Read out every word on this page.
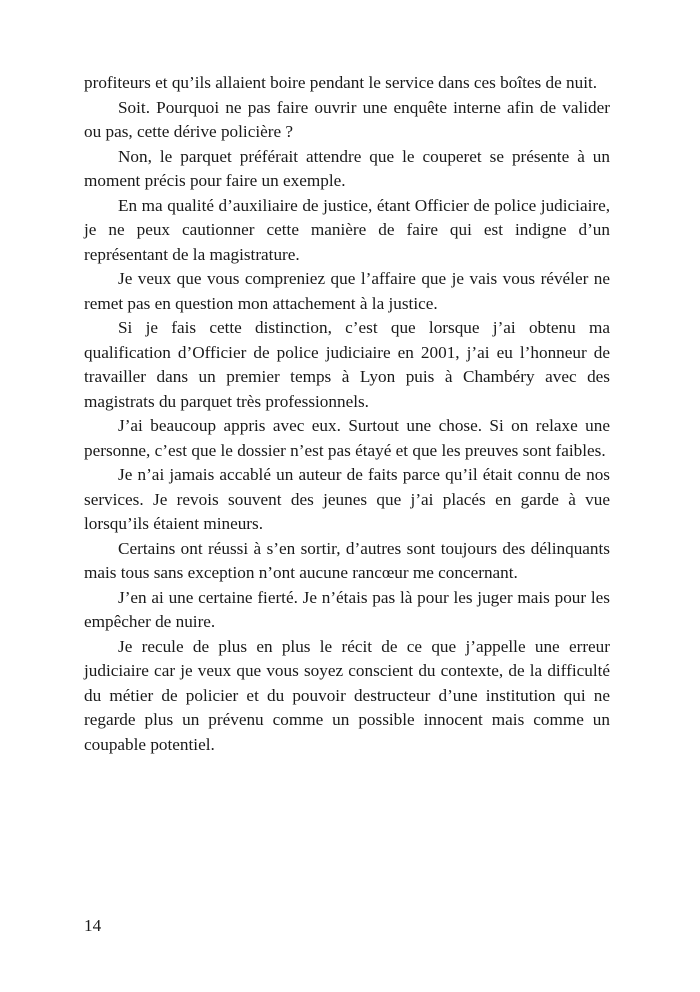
profiteurs et qu’ils allaient boire pendant le service dans ces boîtes de nuit.

Soit. Pourquoi ne pas faire ouvrir une enquête interne afin de valider ou pas, cette dérive policière ?

Non, le parquet préférait attendre que le couperet se présente à un moment précis pour faire un exemple.

En ma qualité d’auxiliaire de justice, étant Officier de police judiciaire, je ne peux cautionner cette manière de faire qui est indigne d’un représentant de la magistrature.

Je veux que vous compreniez que l’affaire que je vais vous révéler ne remet pas en question mon attachement à la justice.

Si je fais cette distinction, c’est que lorsque j’ai obtenu ma qualification d’Officier de police judiciaire en 2001, j’ai eu l’honneur de travailler dans un premier temps à Lyon puis à Chambéry avec des magistrats du parquet très professionnels.

J’ai beaucoup appris avec eux. Surtout une chose. Si on relaxe une personne, c’est que le dossier n’est pas étayé et que les preuves sont faibles.

Je n’ai jamais accablé un auteur de faits parce qu’il était connu de nos services. Je revois souvent des jeunes que j’ai placés en garde à vue lorsqu’ils étaient mineurs.

Certains ont réussi à s’en sortir, d’autres sont toujours des délinquants mais tous sans exception n’ont aucune rancœur me concernant.

J’en ai une certaine fierté. Je n’étais pas là pour les juger mais pour les empêcher de nuire.

Je recule de plus en plus le récit de ce que j’appelle une erreur judiciaire car je veux que vous soyez conscient du contexte, de la difficulté du métier de policier et du pouvoir destructeur d’une institution qui ne regarde plus un prévenu comme un possible innocent mais comme un coupable potentiel.

14
